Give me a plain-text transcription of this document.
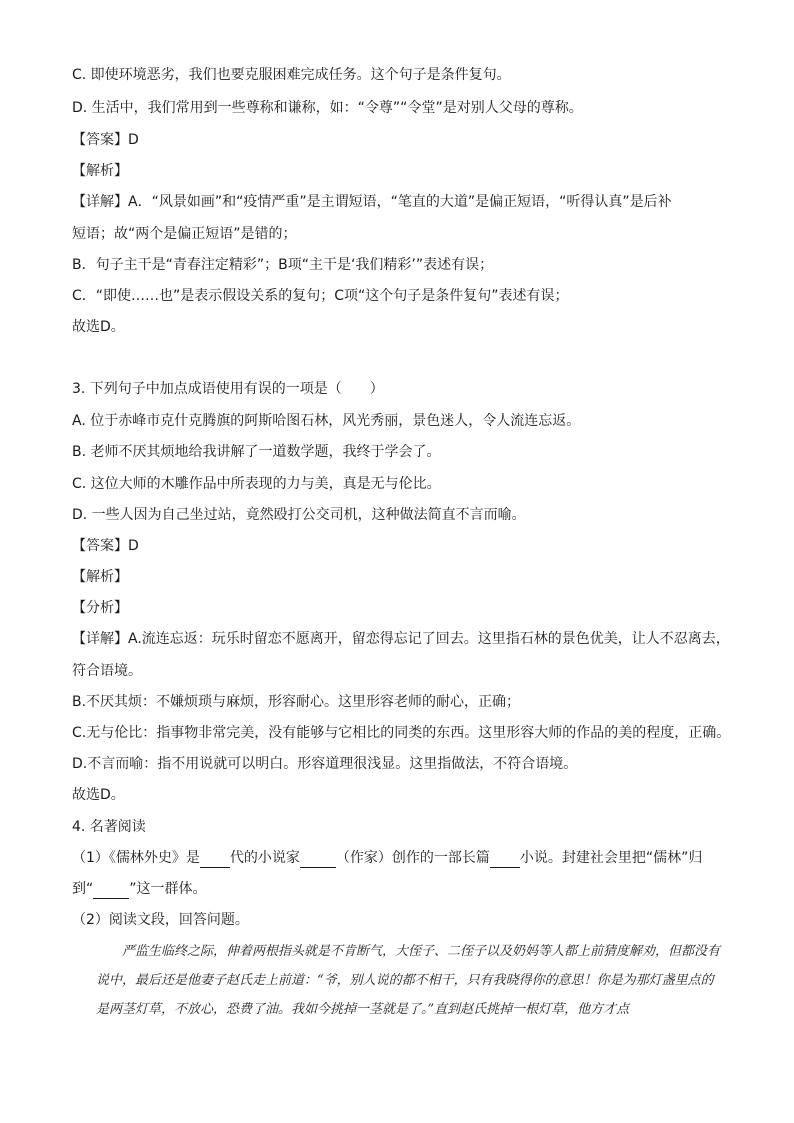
C. 即使环境恶劣，我们也要克服困难完成任务。这个句子是条件复句。
D. 生活中，我们常用到一些尊称和谦称，如：“令尊”“令堂”是对别人父母的尊称。
【答案】D
【解析】
【详解】A．“风景如画”和“疫情严重”是主谓短语，“笔直的大道”是偏正短语，“听得认真”是后补
短语；故“两个是偏正短语”是错的；
B．句子主干是“青春注定精彩”；B项“主干是‘我们精彩’”表述有误；
C．“即使……也”是表示假设关系的复句；C项“这个句子是条件复句”表述有误；
故选D。
3. 下列句子中加点成语使用有误的一项是（　　）
A. 位于赤峰市克什克腾旗的阿斯哈图石林，风光秀丽，景色迷人，令人流连忘返。
B. 老师不厌其烦地给我讲解了一道数学题，我终于学会了。
C. 这位大师的木雕作品中所表现的力与美，真是无与伦比。
D. 一些人因为自己坐过站，竟然殴打公交司机，这种做法简直不言而喻。
【答案】D
【解析】
【分析】
【详解】A.流连忘返：玩乐时留恋不愿离开，留恋得忘记了回去。这里指石林的景色优美，让人不忍离去，
符合语境。
B.不厌其烦：不嫌烦琐与麻烦，形容耐心。这里形容老师的耐心，正确；
C.无与伦比：指事物非常完美，没有能够与它相比的同类的东西。这里形容大师的作品的美的程度，正确。
D.不言而喻：指不用说就可以明白。形容道理很浅显。这里指做法，不符合语境。
故选D。
4. 名著阅读
（1）《儒林外史》是 代的小说家	（作家）创作的一部长篇 小说。封建社会里把“儒林”归
到“	”这一群体。
（2）阅读文段，回答问题。
严监生临终之际，伸着两根指头就是不肯断气，大侄子、二侄子以及奶妈等人都上前猜度解劝，但都没有说中，最后还是他妻子赵氏走上前道：“爷，别人说的都不相干，只有我晓得你的意思！你是为那灯盏里点的是两茎灯草，不放心，恐费了油。我如今挑掉一茎就是了。”直到赵氏挑掉一根灯草，他方才点
